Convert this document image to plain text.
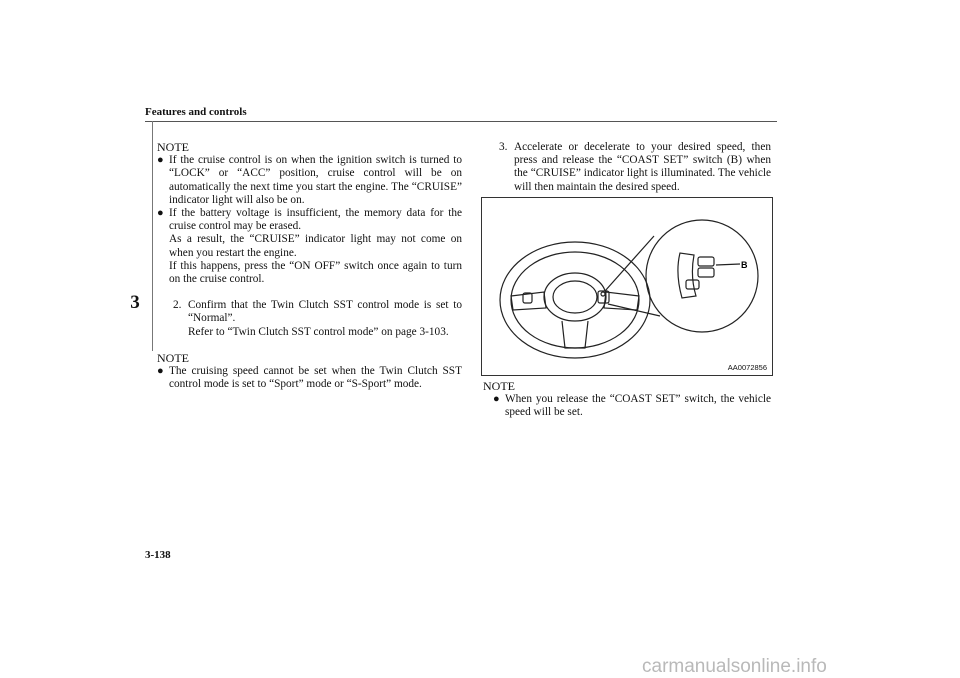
Features and controls
3
NOTE
● If the cruise control is on when the ignition switch is turned to “LOCK” or “ACC” position, cruise control will be on automatically the next time you start the engine. The “CRUISE” indicator light will also be on.
● If the battery voltage is insufficient, the memory data for the cruise control may be erased.
As a result, the “CRUISE” indicator light may not come on when you restart the engine.
If this happens, press the “ON OFF” switch once again to turn on the cruise control.
2. Confirm that the Twin Clutch SST control mode is set to “Normal”.
Refer to “Twin Clutch SST control mode” on page 3-103.
NOTE
● The cruising speed cannot be set when the Twin Clutch SST control mode is set to “Sport” mode or “S-Sport” mode.
3. Accelerate or decelerate to your desired speed, then press and release the “COAST SET” switch (B) when the “CRUISE” indicator light is illuminated. The vehicle will then maintain the desired speed.
B
AA0072856
NOTE
● When you release the “COAST SET” switch, the vehicle speed will be set.
3-138
carmanualsonline.info
